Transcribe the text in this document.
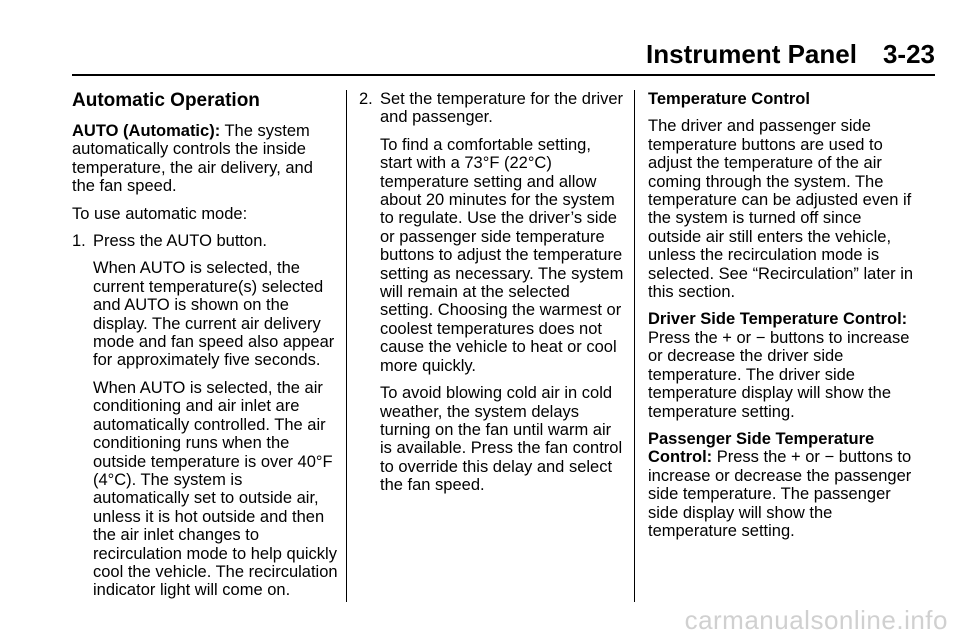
Instrument Panel 3-23

Automatic Operation

AUTO (Automatic): The system automatically controls the inside temperature, the air delivery, and the fan speed.

To use automatic mode:

1. Press the AUTO button.

When AUTO is selected, the current temperature(s) selected and AUTO is shown on the display. The current air delivery mode and fan speed also appear for approximately five seconds.

When AUTO is selected, the air conditioning and air inlet are automatically controlled. The air conditioning runs when the outside temperature is over 40°F (4°C). The system is automatically set to outside air, unless it is hot outside and then the air inlet changes to recirculation mode to help quickly cool the vehicle. The recirculation indicator light will come on.

2. Set the temperature for the driver and passenger.

To find a comfortable setting, start with a 73°F (22°C) temperature setting and allow about 20 minutes for the system to regulate. Use the driver’s side or passenger side temperature buttons to adjust the temperature setting as necessary. The system will remain at the selected setting. Choosing the warmest or coolest temperatures does not cause the vehicle to heat or cool more quickly.

To avoid blowing cold air in cold weather, the system delays turning on the fan until warm air is available. Press the fan control to override this delay and select the fan speed.

Temperature Control

The driver and passenger side temperature buttons are used to adjust the temperature of the air coming through the system. The temperature can be adjusted even if the system is turned off since outside air still enters the vehicle, unless the recirculation mode is selected. See “Recirculation” later in this section.

Driver Side Temperature Control:
Press the + or − buttons to increase or decrease the driver side temperature. The driver side temperature display will show the temperature setting.

Passenger Side Temperature Control: Press the + or − buttons to increase or decrease the passenger side temperature. The passenger side display will show the temperature setting.

carmanualsonline.info
